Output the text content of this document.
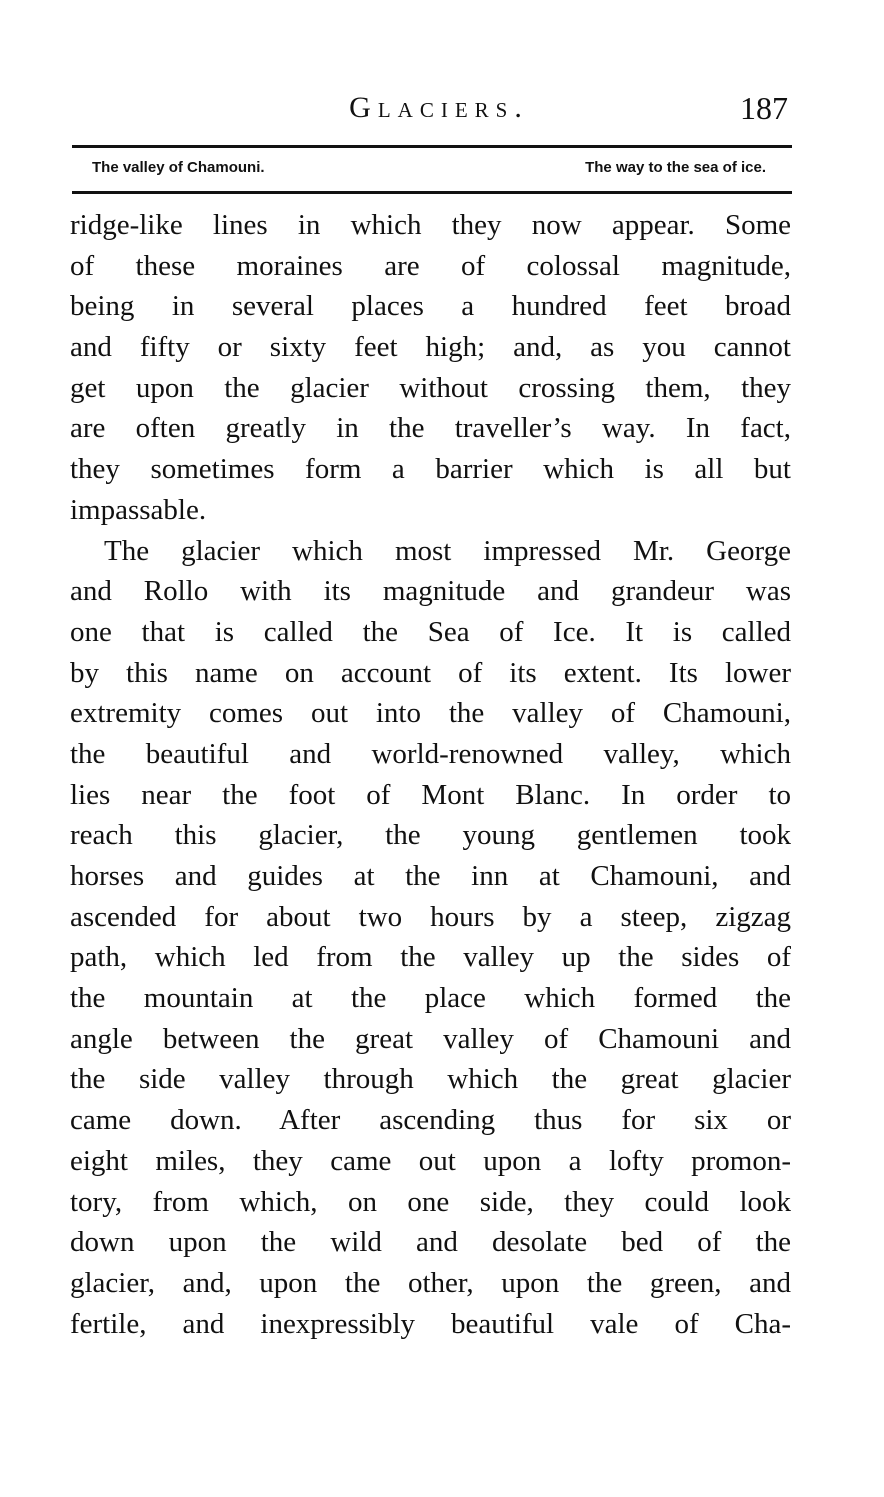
Glaciers.	187
The valley of Chamouni.	The way to the sea of ice.
ridge-like lines in which they now appear. Some
of these moraines are of colossal magnitude,
being in several places a hundred feet broad
and fifty or sixty feet high; and, as you cannot
get upon the glacier without crossing them, they
are often greatly in the traveller’s way. In fact,
they sometimes form a barrier which is all but
impassable.
The glacier which most impressed Mr. George
and Rollo with its magnitude and grandeur was
one that is called the Sea of Ice. It is called
by this name on account of its extent. Its lower
extremity comes out into the valley of Chamouni,
the beautiful and world-renowned valley, which
lies near the foot of Mont Blanc. In order to
reach this glacier, the young gentlemen took
horses and guides at the inn at Chamouni, and
ascended for about two hours by a steep, zigzag
path, which led from the valley up the sides of
the mountain at the place which formed the
angle between the great valley of Chamouni and
the side valley through which the great glacier
came down. After ascending thus for six or
eight miles, they came out upon a lofty promon-
tory, from which, on one side, they could look
down upon the wild and desolate bed of the
glacier, and, upon the other, upon the green, and
fertile, and inexpressibly beautiful vale of Cha-
